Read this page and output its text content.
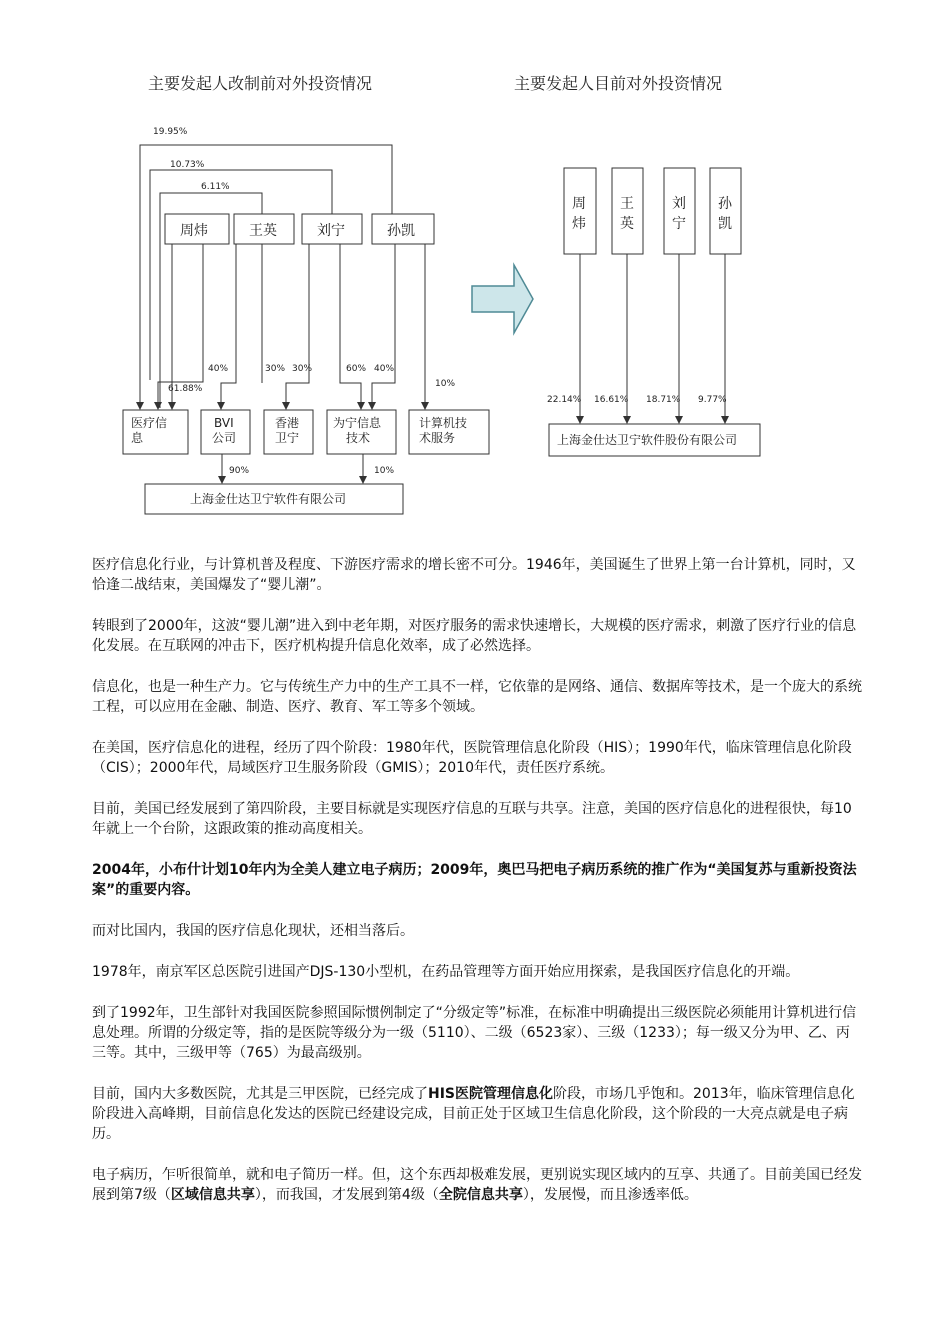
主要发起人改制前对外投资情况	主要发起人目前对外投资情况
19.95%
10.73%
6.11%
周炜	王英	刘宁	孙凯
40%	30% 30%	60% 40%
10%
61.88%
医疗信
息
BVI
公司
香港
卫宁
为宁信息
技术
计算机技
术服务
90%	10%
上海金仕达卫宁软件有限公司
周
炜
王
英
刘
宁
孙
凯
22.14% 16.61% 18.71% 9.77%
上海金仕达卫宁软件股份有限公司

医疗信息化行业，与计算机普及程度、下游医疗需求的增长密不可分。1946年，美国诞生了世界上第一台计算机，同时，又恰逢二战结束，美国爆发了“婴儿潮”。

转眼到了2000年，这波“婴儿潮”进入到中老年期，对医疗服务的需求快速增长，大规模的医疗需求，刺激了医疗行业的信息化发展。在互联网的冲击下，医疗机构提升信息化效率，成了必然选择。

信息化，也是一种生产力。它与传统生产力中的生产工具不一样，它依靠的是网络、通信、数据库等技术，是一个庞大的系统工程，可以应用在金融、制造、医疗、教育、军工等多个领域。

在美国，医疗信息化的进程，经历了四个阶段：1980年代，医院管理信息化阶段（HIS）；1990年代，临床管理信息化阶段（CIS）；2000年代，局域医疗卫生服务阶段（GMIS）；2010年代，责任医疗系统。

目前，美国已经发展到了第四阶段，主要目标就是实现医疗信息的互联与共享。注意，美国的医疗信息化的进程很快，每10年就上一个台阶，这跟政策的推动高度相关。

2004年，小布什计划10年内为全美人建立电子病历；2009年，奥巴马把电子病历系统的推广作为“美国复苏与重新投资法案”的重要内容。

而对比国内，我国的医疗信息化现状，还相当落后。

1978年，南京军区总医院引进国产DJS-130小型机，在药品管理等方面开始应用探索，是我国医疗信息化的开端。

到了1992年，卫生部针对我国医院参照国际惯例制定了“分级定等”标准，在标准中明确提出三级医院必须能用计算机进行信息处理。所谓的分级定等，指的是医院等级分为一级（5110）、二级（6523家）、三级（1233）；每一级又分为甲、乙、丙三等。其中，三级甲等（765）为最高级别。

目前，国内大多数医院，尤其是三甲医院，已经完成了HIS医院管理信息化阶段，市场几乎饱和。2013年，临床管理信息化阶段进入高峰期，目前信息化发达的医院已经建设完成，目前正处于区域卫生信息化阶段，这个阶段的一大亮点就是电子病历。

电子病历，乍听很简单，就和电子简历一样。但，这个东西却极难发展，更别说实现区域内的互享、共通了。目前美国已经发展到第7级（区域信息共享），而我国，才发展到第4级（全院信息共享），发展慢，而且渗透率低。
